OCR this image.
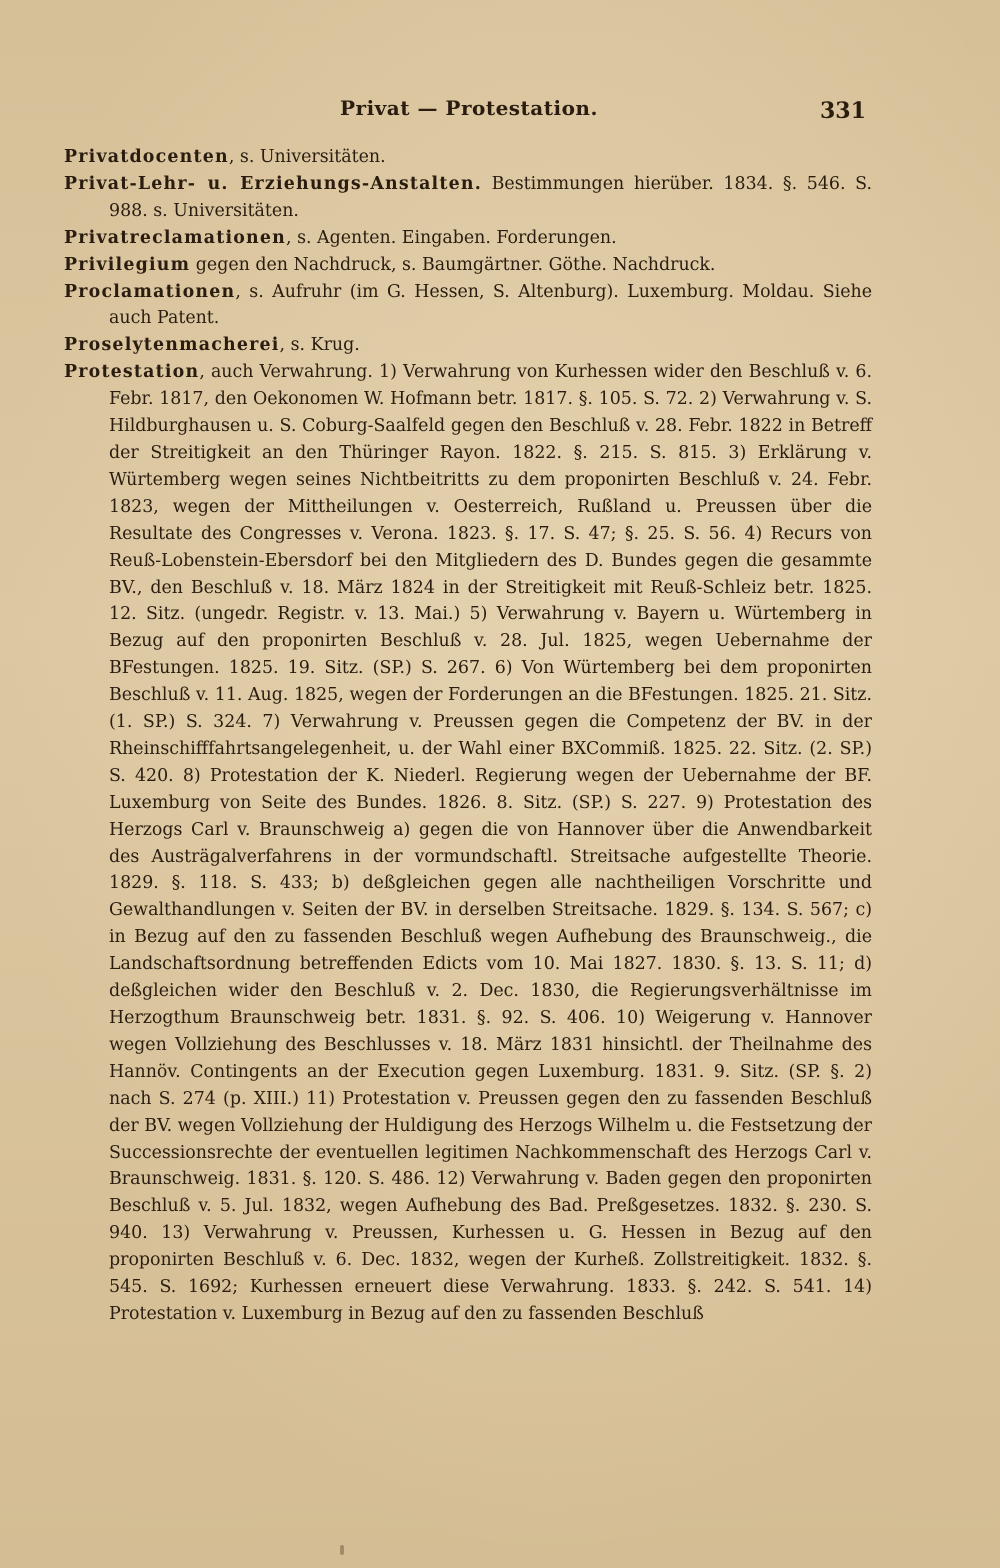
Privat — Protestation.	331

Privatdocenten, s. Universitäten.

Privat-Lehr- u. Erziehungs-Anstalten. Bestimmungen hierüber. 1834. §. 546. S. 988. s. Universitäten.

Privatreclamationen, s. Agenten. Eingaben. Forderungen.

Privilegium gegen den Nachdruck, s. Baumgärtner. Göthe. Nachdruck.

Proclamationen, s. Aufruhr (im G. Hessen, S. Altenburg). Luxemburg. Moldau. Siehe auch Patent.

Proselytenmacherei, s. Krug.

Protestation, auch Verwahrung. 1) Verwahrung von Kurhessen wider den Beschluß v. 6. Febr. 1817, den Oekonomen W. Hofmann betr. 1817. §. 105. S. 72. 2) Verwahrung v. S. Hildburghausen u. S. Coburg-Saalfeld gegen den Beschluß v. 28. Febr. 1822 in Betreff der Streitigkeit an den Thüringer Rayon. 1822. §. 215. S. 815. 3) Erklärung v. Würtemberg wegen seines Nichtbeitritts zu dem proponirten Beschluß v. 24. Febr. 1823, wegen der Mittheilungen v. Oesterreich, Rußland u. Preussen über die Resultate des Congresses v. Verona. 1823. §. 17. S. 47; §. 25. S. 56. 4) Recurs von Reuß-Lobenstein-Ebersdorf bei den Mitgliedern des D. Bundes gegen die gesammte BV., den Beschluß v. 18. März 1824 in der Streitigkeit mit Reuß-Schleiz betr. 1825. 12. Sitz. (ungedr. Registr. v. 13. Mai.) 5) Verwahrung v. Bayern u. Würtemberg in Bezug auf den proponirten Beschluß v. 28. Jul. 1825, wegen Uebernahme der BFestungen. 1825. 19. Sitz. (SP.) S. 267. 6) Von Würtemberg bei dem proponirten Beschluß v. 11. Aug. 1825, wegen der Forderungen an die BFestungen. 1825. 21. Sitz. (1. SP.) S. 324. 7) Verwahrung v. Preussen gegen die Competenz der BV. in der Rheinschifffahrtsangelegenheit, u. der Wahl einer BXCommiß. 1825. 22. Sitz. (2. SP.) S. 420. 8) Protestation der K. Niederl. Regierung wegen der Uebernahme der BF. Luxemburg von Seite des Bundes. 1826. 8. Sitz. (SP.) S. 227. 9) Protestation des Herzogs Carl v. Braunschweig a) gegen die von Hannover über die Anwendbarkeit des Austrägalverfahrens in der vormundschaftl. Streitsache aufgestellte Theorie. 1829. §. 118. S. 433; b) deßgleichen gegen alle nachtheiligen Vorschritte und Gewalthandlungen v. Seiten der BV. in derselben Streitsache. 1829. §. 134. S. 567; c) in Bezug auf den zu fassenden Beschluß wegen Aufhebung des Braunschweig., die Landschaftsordnung betreffenden Edicts vom 10. Mai 1827. 1830. §. 13. S. 11; d) deßgleichen wider den Beschluß v. 2. Dec. 1830, die Regierungsverhältnisse im Herzogthum Braunschweig betr. 1831. §. 92. S. 406. 10) Weigerung v. Hannover wegen Vollziehung des Beschlusses v. 18. März 1831 hinsichtl. der Theilnahme des Hannöv. Contingents an der Execution gegen Luxemburg. 1831. 9. Sitz. (SP. §. 2) nach S. 274 (p. XIII.) 11) Protestation v. Preussen gegen den zu fassenden Beschluß der BV. wegen Vollziehung der Huldigung des Herzogs Wilhelm u. die Festsetzung der Successionsrechte der eventuellen legitimen Nachkommenschaft des Herzogs Carl v. Braunschweig. 1831. §. 120. S. 486. 12) Verwahrung v. Baden gegen den proponirten Beschluß v. 5. Jul. 1832, wegen Aufhebung des Bad. Preßgesetzes. 1832. §. 230. S. 940. 13) Verwahrung v. Preussen, Kurhessen u. G. Hessen in Bezug auf den proponirten Beschluß v. 6. Dec. 1832, wegen der Kurheß. Zollstreitigkeit. 1832. §. 545. S. 1692; Kurhessen erneuert diese Verwahrung. 1833. §. 242. S. 541. 14) Protestation v. Luxemburg in Bezug auf den zu fassenden Beschluß
